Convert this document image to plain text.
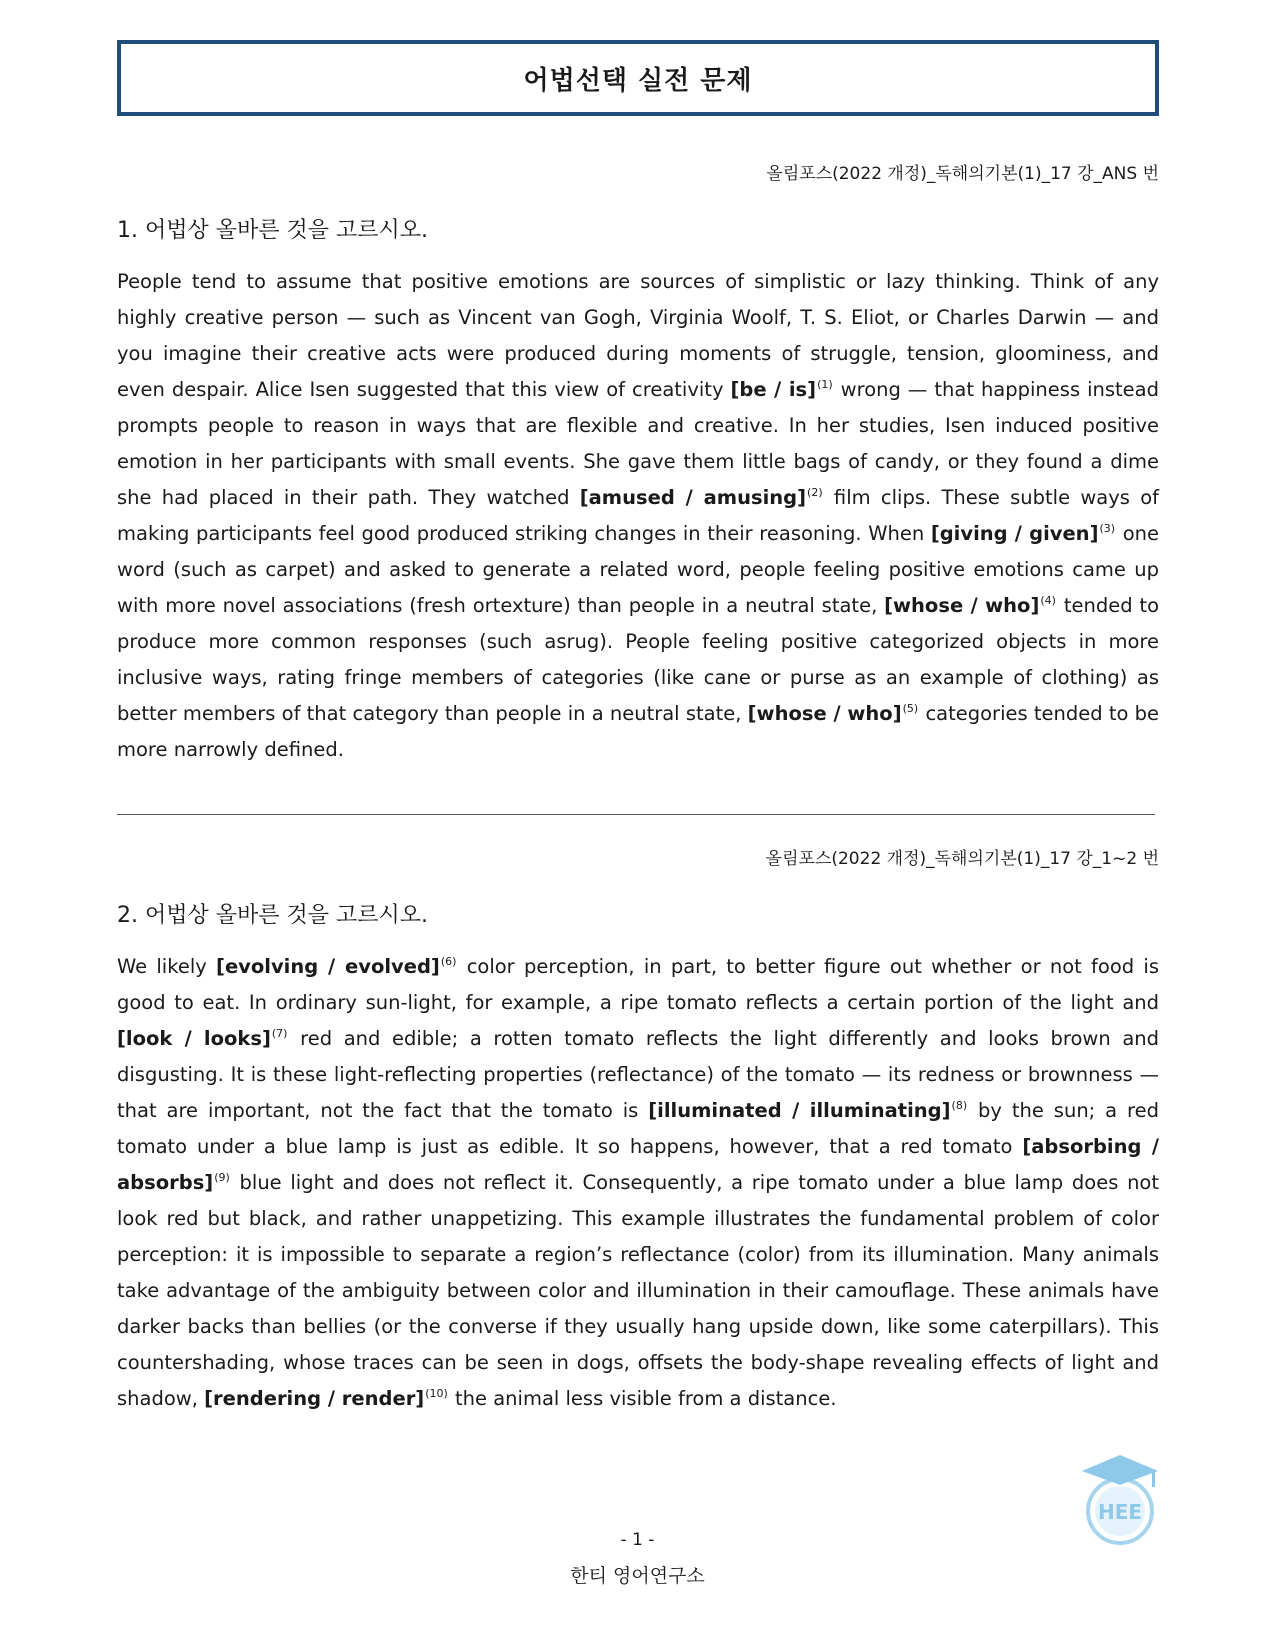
어법선택 실전 문제

올림포스(2022 개정)_독해의기본(1)_17 강_ANS 번

1. 어법상 올바른 것을 고르시오.

People tend to assume that positive emotions are sources of simplistic or lazy thinking. Think of any highly creative person — such as Vincent van Gogh, Virginia Woolf, T. S. Eliot, or Charles Darwin — and you imagine their creative acts were produced during moments of struggle, tension, gloominess, and even despair. Alice Isen suggested that this view of creativity [be / is]$^{(1)}$ wrong — that happiness instead prompts people to reason in ways that are flexible and creative. In her studies, Isen induced positive emotion in her participants with small events. She gave them little bags of candy, or they found a dime she had placed in their path. They watched [amused / amusing]$^{(2)}$ film clips. These subtle ways of making participants feel good produced striking changes in their reasoning. When [giving / given]$^{(3)}$ one word (such as carpet) and asked to generate a related word, people feeling positive emotions came up with more novel associations (fresh ortexture) than people in a neutral state, [whose / who]$^{(4)}$ tended to produce more common responses (such asrug). People feeling positive categorized objects in more inclusive ways, rating fringe members of categories (like cane or purse as an example of clothing) as better members of that category than people in a neutral state, [whose / who]$^{(5)}$ categories tended to be more narrowly defined.

올림포스(2022 개정)_독해의기본(1)_17 강_1~2 번

2. 어법상 올바른 것을 고르시오.

We likely [evolving / evolved]$^{(6)}$ color perception, in part, to better figure out whether or not food is good to eat. In ordinary sun-light, for example, a ripe tomato reflects a certain portion of the light and [look / looks]$^{(7)}$ red and edible; a rotten tomato reflects the light differently and looks brown and disgusting. It is these light-reflecting properties (reflectance) of the tomato — its redness or brownness — that are important, not the fact that the tomato is [illuminated / illuminating]$^{(8)}$ by the sun; a red tomato under a blue lamp is just as edible. It so happens, however, that a red tomato [absorbing / absorbs]$^{(9)}$ blue light and does not reflect it. Consequently, a ripe tomato under a blue lamp does not look red but black, and rather unappetizing. This example illustrates the fundamental problem of color perception: it is impossible to separate a region’s reflectance (color) from its illumination. Many animals take advantage of the ambiguity between color and illumination in their camouflage. These animals have darker backs than bellies (or the converse if they usually hang upside down, like some caterpillars). This countershading, whose traces can be seen in dogs, offsets the body-shape revealing effects of light and shadow, [rendering / render]$^{(10)}$ the animal less visible from a distance.

- 1 -
한티 영어연구소
HEE
